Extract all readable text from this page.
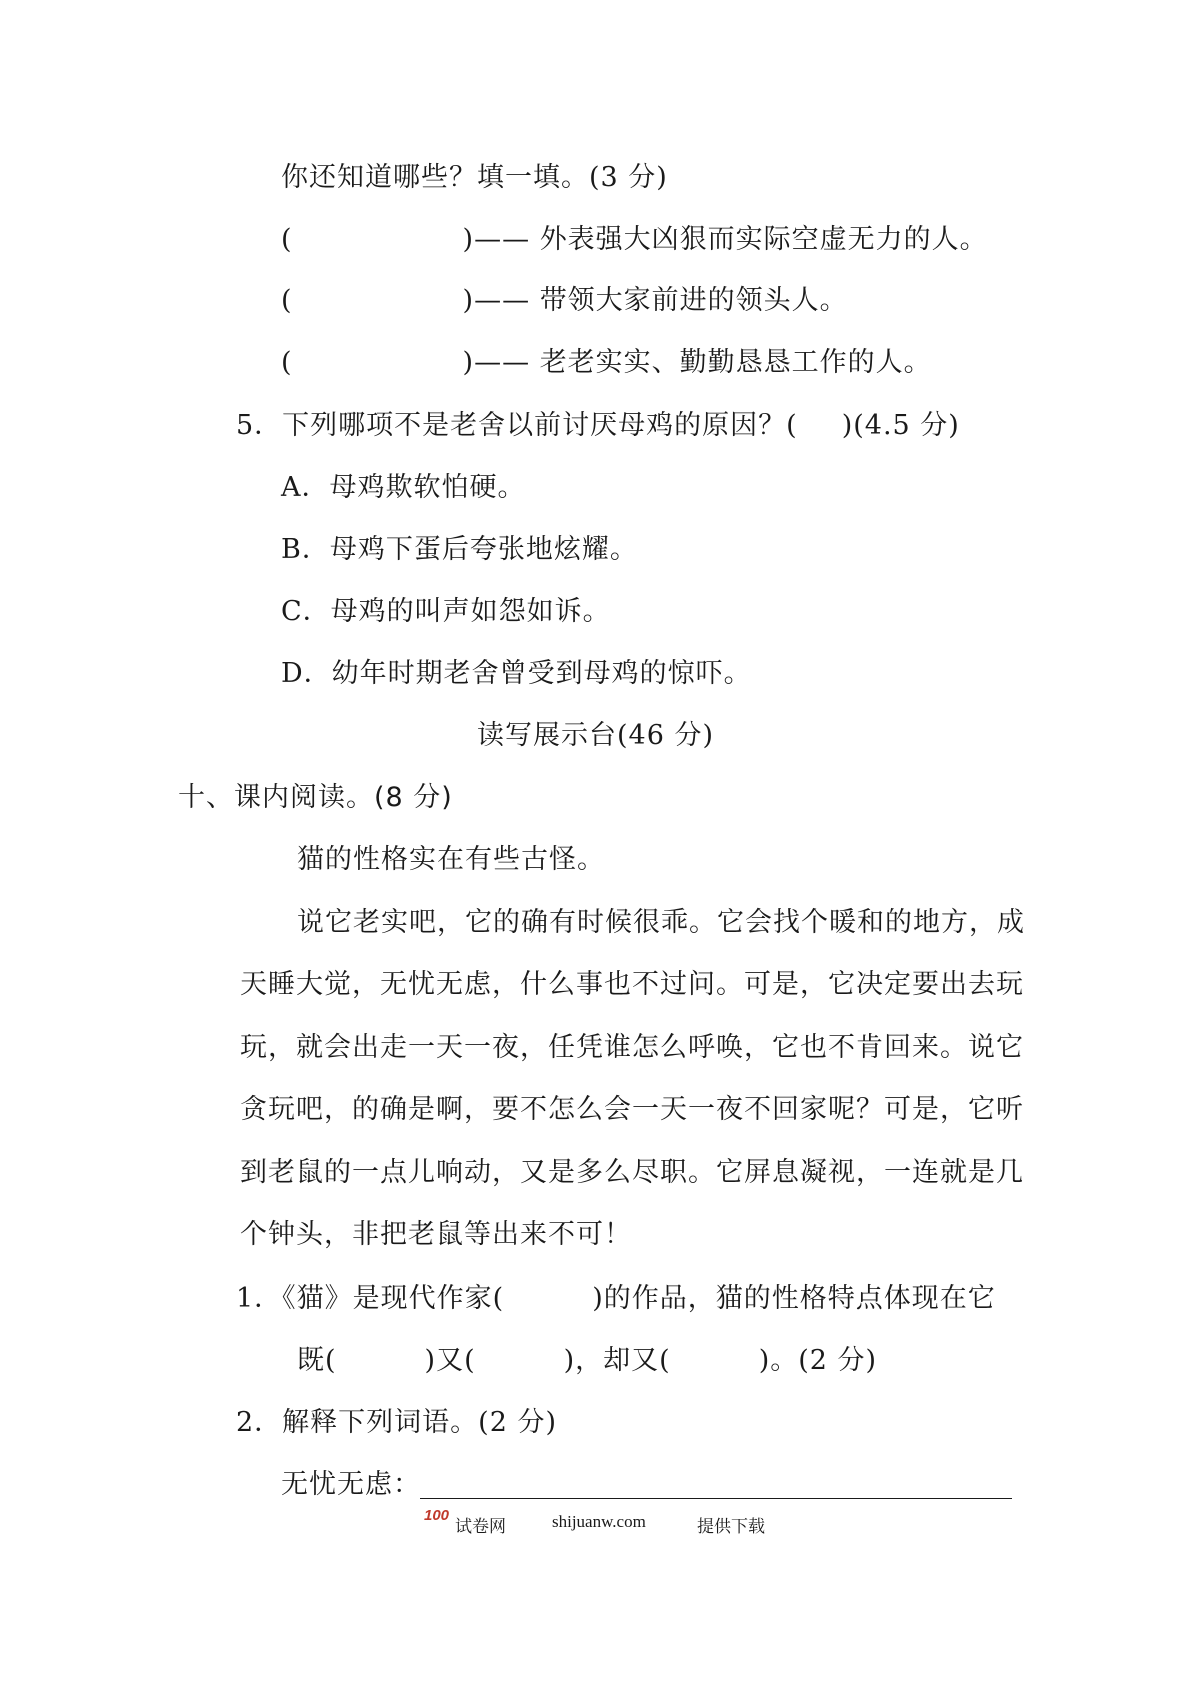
你还知道哪些？填一填。(3 分)
(	)—— 外表强大凶狠而实际空虚无力的人。
(	)—— 带领大家前进的领头人。
(	)—— 老老实实、勤勤恳恳工作的人。
5．下列哪项不是老舍以前讨厌母鸡的原因？( )(4.5 分)
A．母鸡欺软怕硬。
B．母鸡下蛋后夸张地炫耀。
C．母鸡的叫声如怨如诉。
D．幼年时期老舍曾受到母鸡的惊吓。
读写展示台(46 分)
十、课内阅读。(8 分)
猫的性格实在有些古怪。
说它老实吧，它的确有时候很乖。它会找个暖和的地方，成
天睡大觉，无忧无虑，什么事也不过问。可是，它决定要出去玩
玩，就会出走一天一夜，任凭谁怎么呼唤，它也不肯回来。说它
贪玩吧，的确是啊，要不怎么会一天一夜不回家呢？可是，它听
到老鼠的一点儿响动，又是多么尽职。它屏息凝视，一连就是几
个钟头，非把老鼠等出来不可！
1．《猫》是现代作家(	)的作品，猫的性格特点体现在它
既(	)又(	)，却又(	)。(2 分)
2．解释下列词语。(2 分)
无忧无虑：
100
试卷网	shijuanw.com	提供下载
